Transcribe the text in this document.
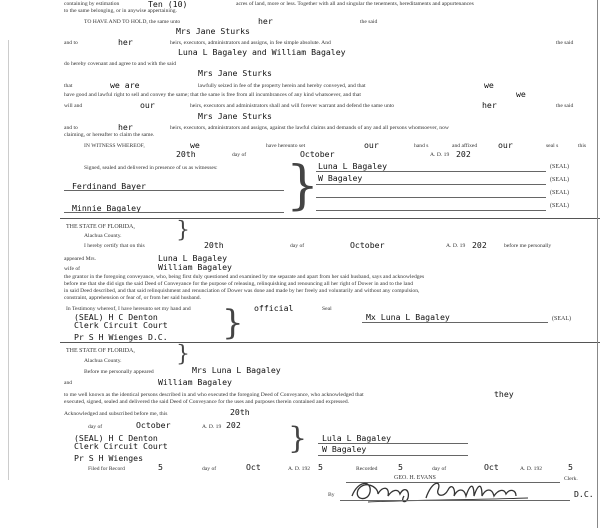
containing by estimation	Ten (10)	acres of land, more or less. Together with all and singular the tenements, hereditaments and appurtenances
to the same belonging, or in anywise appertaining.
TO HAVE AND TO HOLD, the same unto	her	the said
Mrs Jane Sturks
and to	her	heirs, executors, administrators and assigns, in fee simple absolute. And	the said
Luna L Bagaley and William Bagaley
do hereby covenant and agree to and with the said
Mrs Jane Sturks
that	we are	lawfully seized in fee of the property herein and hereby conveyed, and that	we
have good and lawful right to sell and convey the same; that the same is free from all incumbrances of any kind whatsoever, and that	we
will and	our	heirs, executors and administrators shall and will forever warrant and defend the same unto	her	the said
Mrs Jane Sturks
and to	her	heirs, executors, administrators and assigns, against the lawful claims and demands of any and all persons whomsoever, now
claiming, or hereafter to claim the same.
IN WITNESS WHEREOF,	we	have hereunto set	our	hand s	and affixed	our	seal s	this
20th	day of	October	A. D. 19 202
Signed, sealed and delivered in presence of us as witnesses:
Ferdinand Bayer
Minnie Bagaley	}
Luna L Bagaley	(SEAL)
W Bagaley	(SEAL)
(SEAL)
(SEAL)
THE STATE OF FLORIDA,
Alachua County. }
I hereby certify that on this	20th	day of	October	A. D. 19 202	before me personally
appeared Mrs.	Luna L Bagaley
wife of	William Bagaley
the grantor in the foregoing conveyance, who, being first duly questioned and examined by me separate and apart from her said husband, says and acknowledges
before me that she did sign the said Deed of Conveyance for the purpose of releasing, relinquishing and renouncing all her right of Dower in and to the land
in said Deed described, and that said relinquishment and renunciation of Dower was done and made by her freely and voluntarily and without any compulsion,
constraint, apprehension or fear of, or from her said husband.
In Testimony whereof, I have hereunto set my hand and	official	Seal
(SEAL) H C Denton
Clerk Circuit Court
Pr S H Wienges D.C. }	Mx Luna L Bagaley	(SEAL)
THE STATE OF FLORIDA,
Alachua County. }
Before me personally appeared	Mrs Luna L Bagaley
and	William Bagaley
to me well known as the identical persons described in and who executed the foregoing Deed of Conveyance, who acknowledged that	they
executed, signed, sealed and delivered the said Deed of Conveyance for the uses and purposes therein contained and expressed.
Acknowledged and subscribed before me, this	20th
day of	October	A. D. 19 202
(SEAL) H C Denton
Clerk Circuit Court
Pr S H Wienges
} Lula L Bagaley
W Bagaley
Filed for Record	5	day of	Oct	A. D. 192 5	Recorded	5	day of	Oct	A. D. 192	5
GEO. H. EVANS	Clerk.
By	D.C.
